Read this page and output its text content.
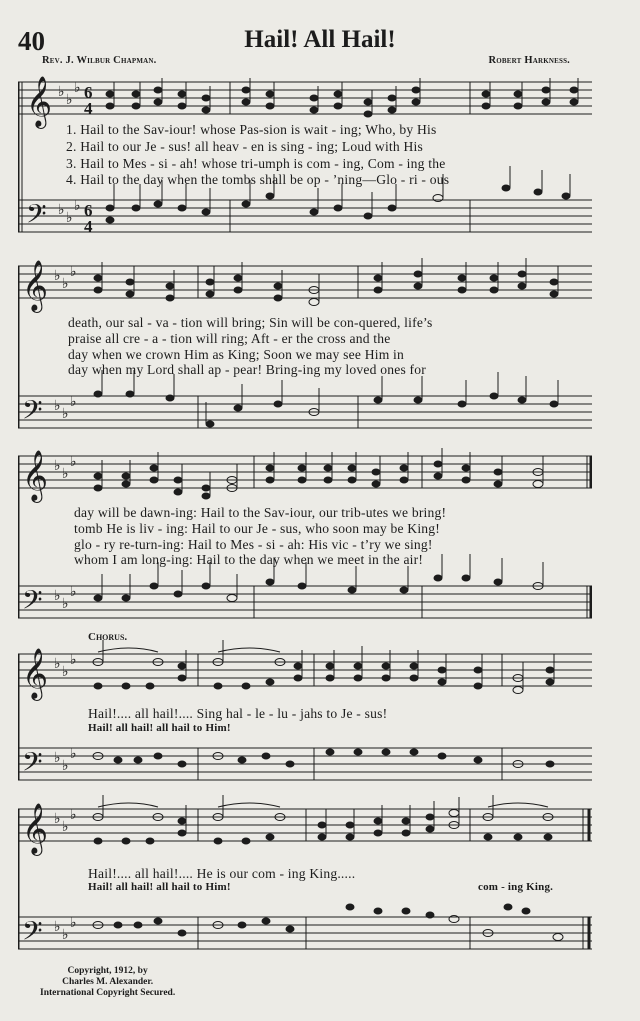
40	Hail! All Hail!
Rev. J. Wilbur Chapman.	Robert Harkness.
𝄞
𝄢
♭
♭
♭
♭
♭
♭
6
4
6
4
1. Hail to the Sav-iour! whose Pas-sion is wait - ing; Who, by His
2. Hail to our Je - sus! all heav - en is sing - ing; Loud with His
3. Hail to Mes - si - ah! whose tri-umph is com - ing, Com - ing the
4. Hail to the day when the tombs shall be op - ’ning—Glo - ri - ous
𝄞
𝄢
♭
♭
♭
♭
♭
♭
death, our sal - va - tion will bring; Sin will be con-quered, life’s
praise all cre - a - tion will ring; Aft - er the cross and the
day when we crown Him as King; Soon we may see Him in
day when my Lord shall ap - pear! Bring-ing my loved ones for
𝄞
𝄢
♭
♭
♭
♭
♭
♭
day will be dawn-ing: Hail to the Sav-iour, our trib-utes we bring!
tomb He is liv - ing: Hail to our Je - sus, who soon may be King!
glo - ry re-turn-ing: Hail to Mes - si - ah: His vic - t’ry we sing!
whom I am long-ing: Hail to the day when we meet in the air!
Chorus.
𝄞
𝄢
♭
♭
♭
♭
♭
♭
Hail!.... all hail!.... Sing hal - le - lu - jahs to Je - sus!
Hail! all hail! all hail to Him!
𝄞
𝄢
♭
♭
♭
♭
♭
♭
Hail!.... all hail!.... He is our com - ing King.....
Hail! all hail! all hail to Him!	com - ing King.
Copyright, 1912, by
Charles M. Alexander.
International Copyright Secured.
